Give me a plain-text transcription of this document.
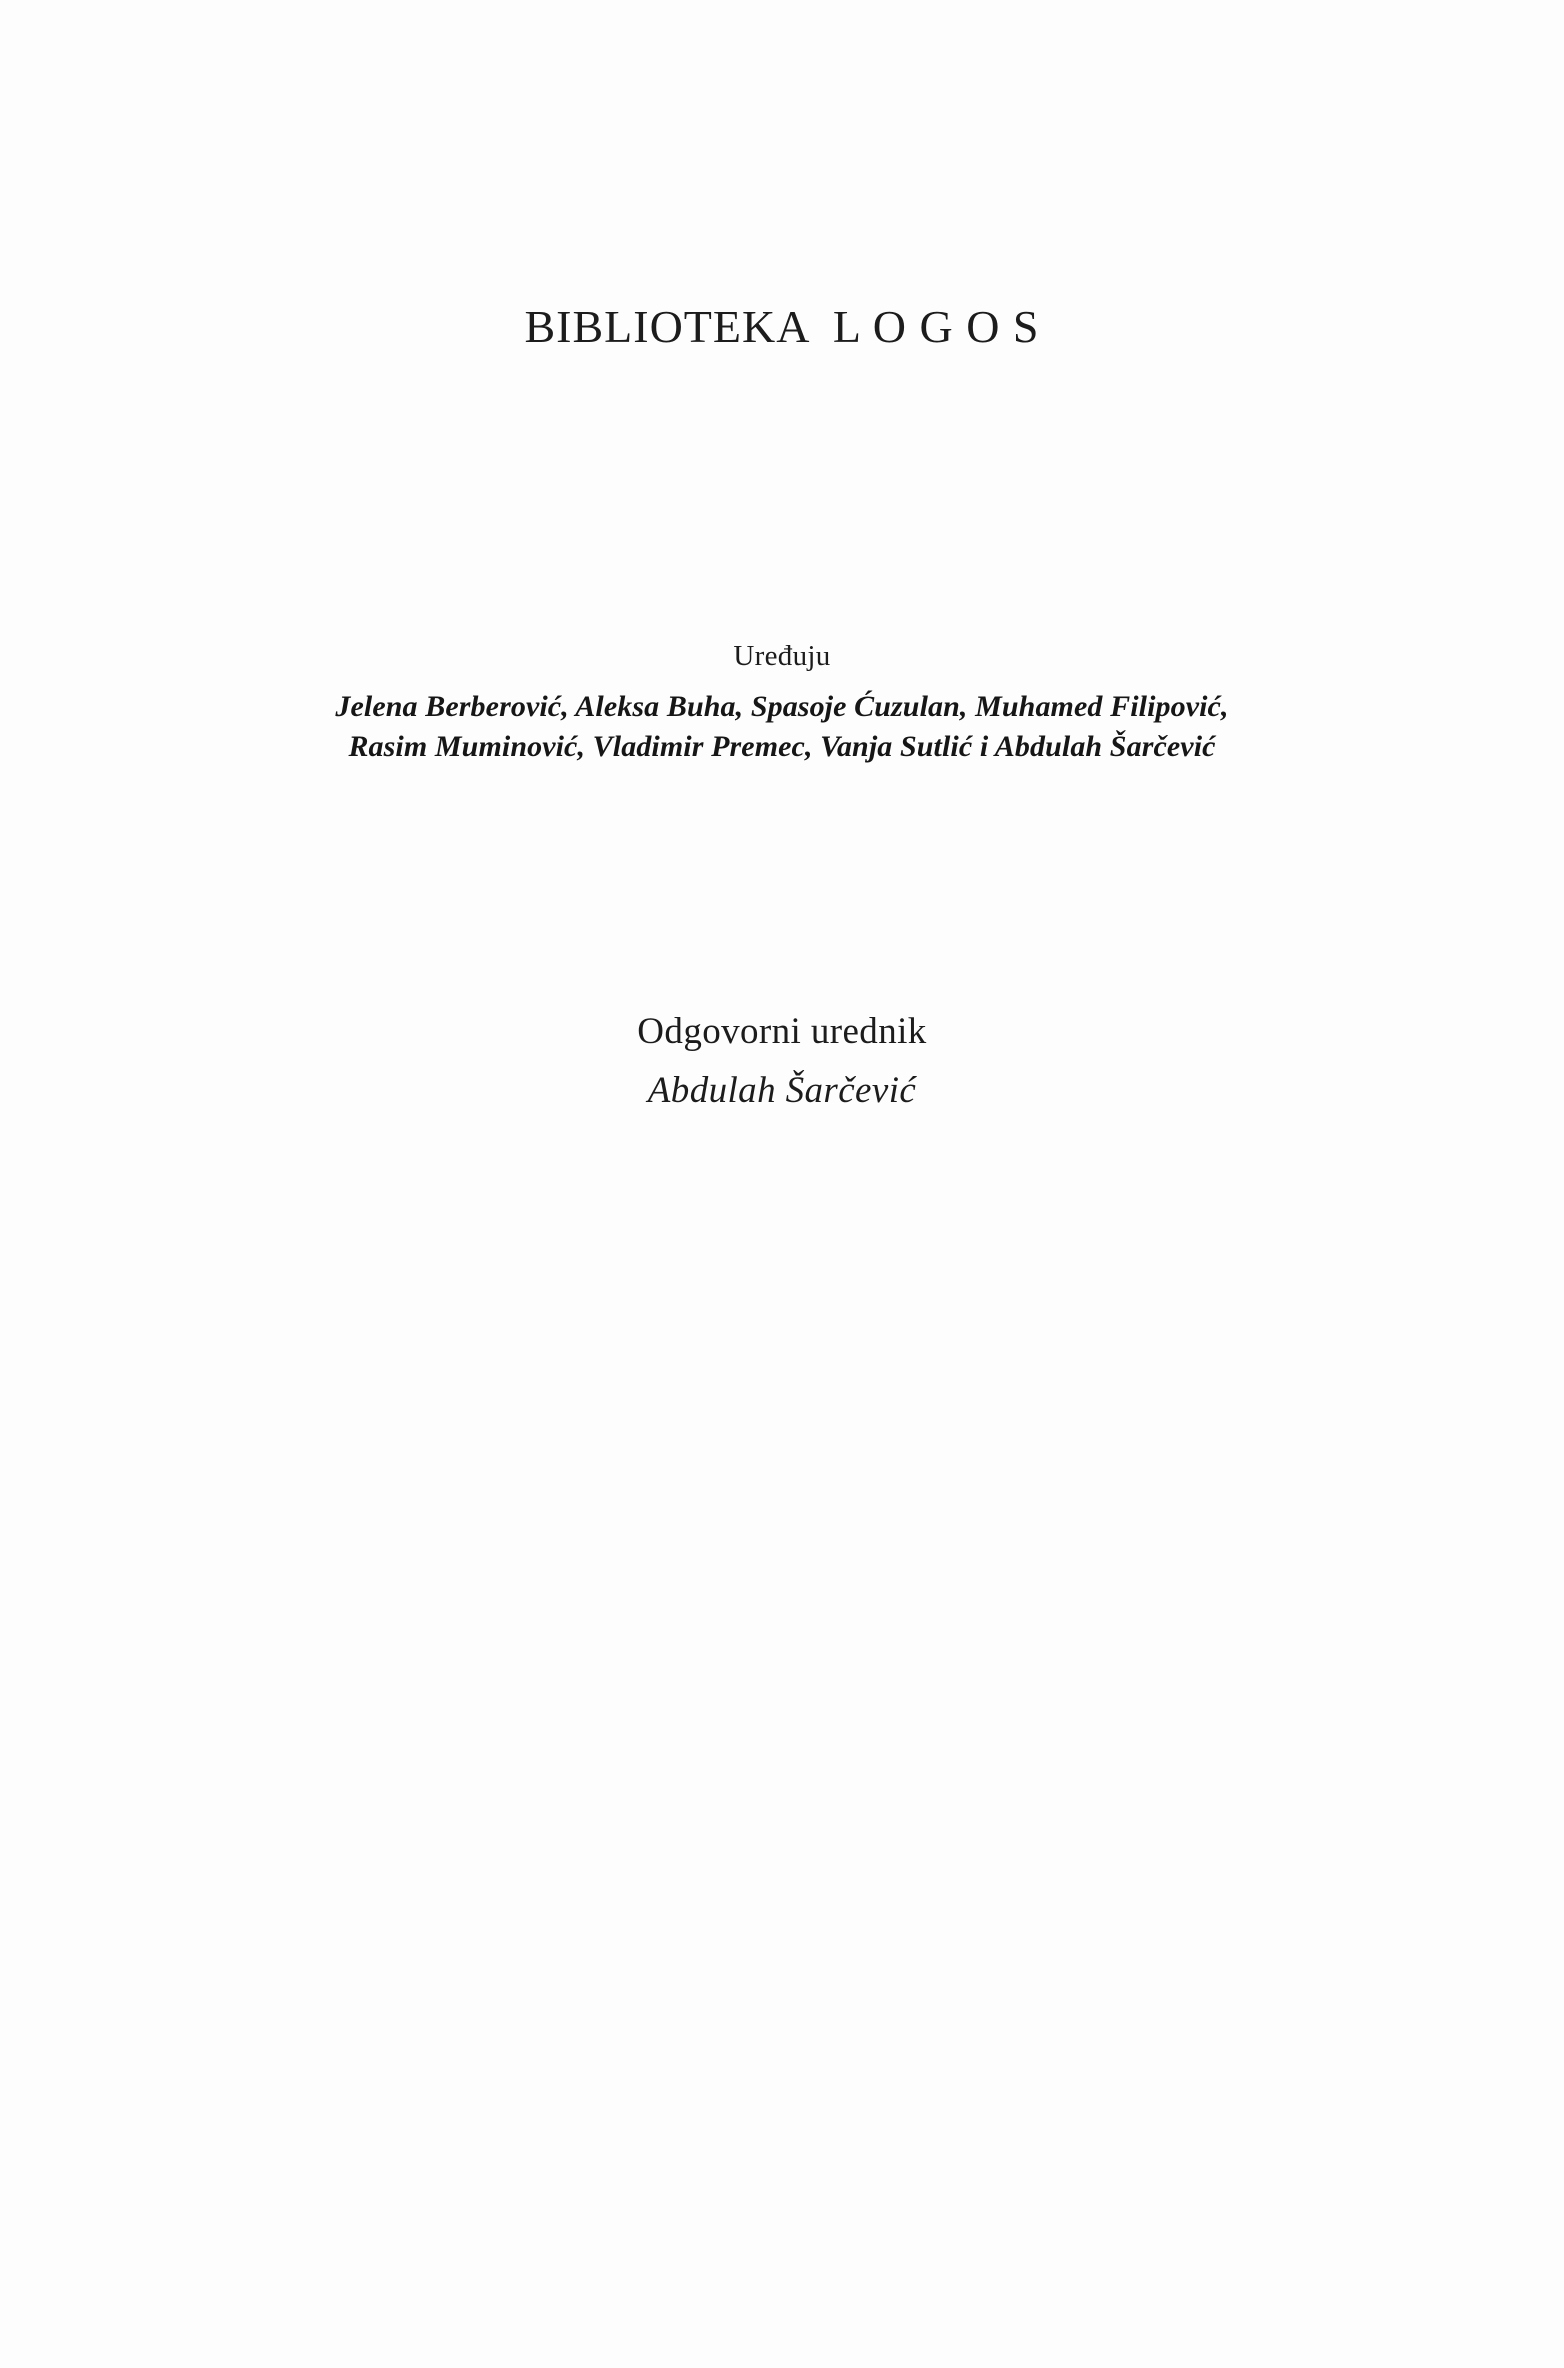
BIBLIOTEKA  L O G O S
Uređuju
Jelena Berberović, Aleksa Buha, Spasoje Ćuzulan, Muhamed Filipović,
Rasim Muminović, Vladimir Premec, Vanja Sutlić i Abdulah Šarčević
Odgovorni urednik
Abdulah Šarčević
